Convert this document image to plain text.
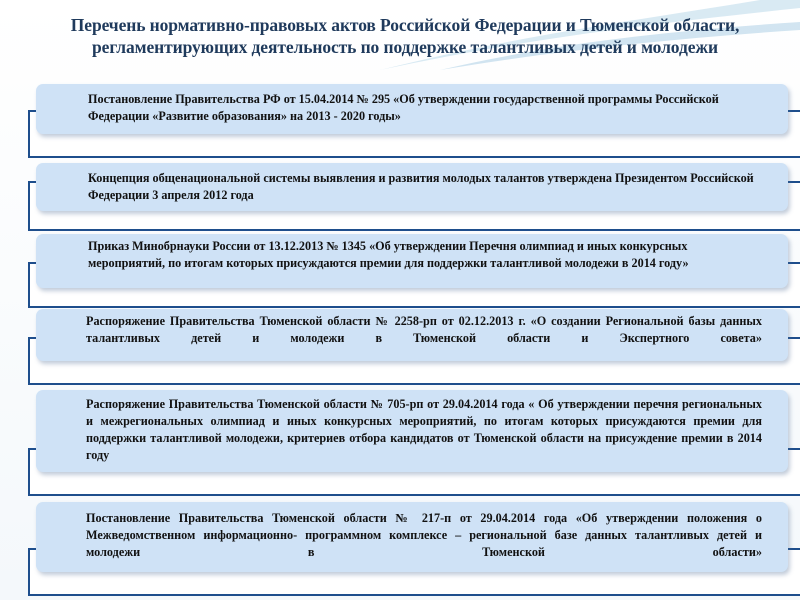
Перечень нормативно-правовых актов Российской Федерации и Тюменской области,
регламентирующих деятельность по поддержке талантливых детей и молодежи
Постановление Правительства РФ от 15.04.2014 № 295 «Об утверждении государственной программы Российской Федерации «Развитие образования» на 2013 - 2020 годы»
Концепция общенациональной системы выявления и развития молодых талантов утверждена Президентом Российской Федерации 3 апреля 2012 года
Приказ Минобрнауки России от 13.12.2013 № 1345 «Об утверждении Перечня олимпиад и иных конкурсных мероприятий, по итогам которых присуждаются премии для поддержки талантливой молодежи в 2014 году»
Распоряжение Правительства Тюменской области № 2258-рп от 02.12.2013 г. «О создании Региональной базы данных талантливых детей и молодежи в Тюменской области и Экспертного совета»
Распоряжение Правительства Тюменской области № 705-рп от 29.04.2014 года « Об утверждении перечня региональных и межрегиональных олимпиад и иных конкурсных мероприятий, по итогам которых присуждаются премии для поддержки талантливой молодежи, критериев отбора кандидатов от Тюменской области на присуждение премии в 2014 году
Постановление Правительства Тюменской области № 217-п от 29.04.2014 года «Об утверждении положения о Межведомственном информационно- программном комплексе – региональной базе данных талантливых детей и молодежи в Тюменской области»
